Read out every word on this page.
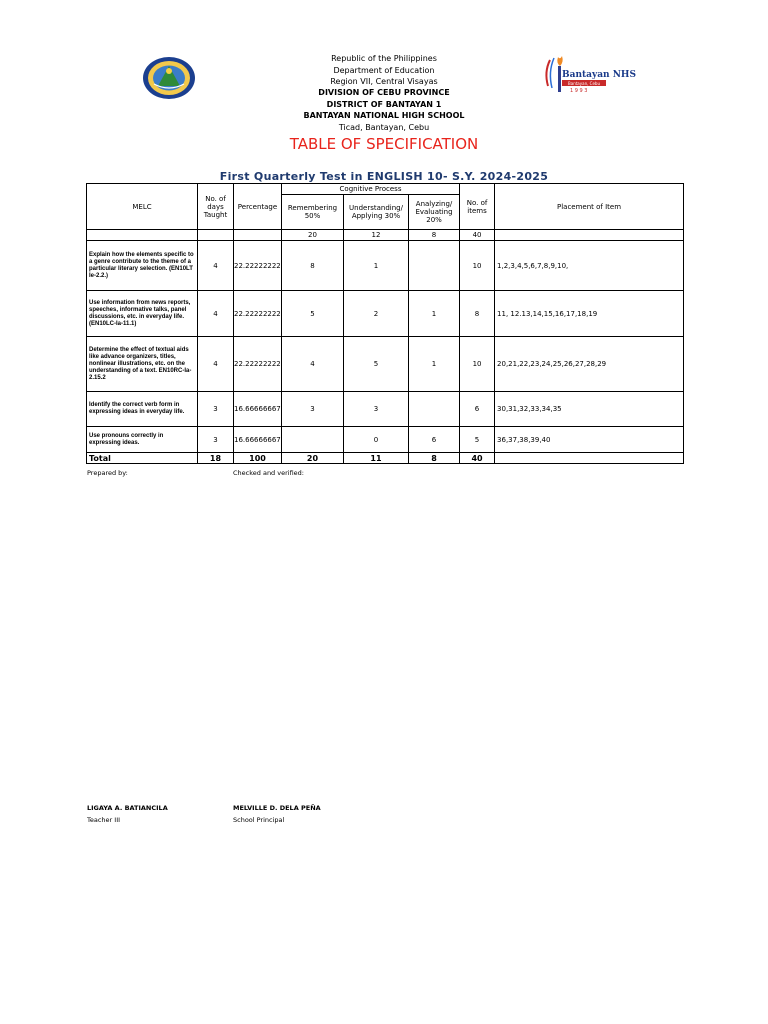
Bantayan NHS
Bantayan, Cebu
1 9 9 3
Republic of the Philippines
Department of Education
Region VII, Central Visayas
DIVISION OF CEBU PROVINCE
DISTRICT OF BANTAYAN 1
BANTAYAN NATIONAL HIGH SCHOOL
Ticad, Bantayan, Cebu
TABLE OF SPECIFICATION
First Quarterly Test in ENGLISH 10- S.Y. 2024-2025
MELC	No. of days Taught	Percentage	Cognitive Process			No. of items	Placement of Item
			Remembering 50%	Understanding/ Applying 30%	Analyzing/ Evaluating 20%		
			20	12	8	40	
Explain how the elements specific to a genre contribute to the theme of a particular literary selection. (EN10LT Ie-2.2.)	4	22.22222222	8	1		10	1,2,3,4,5,6,7,8,9,10,
Use information from news reports, speeches, informative talks, panel discussions, etc. in everyday life. (EN10LC-Ia-11.1)	4	22.22222222	5	2	1	8	11, 12.13,14,15,16,17,18,19
Determine the effect of textual aids like advance organizers, titles, nonlinear illustrations, etc. on the understanding of a text. EN10RC-Ia-2.15.2	4	22.22222222	4	5	1	10	20,21,22,23,24,25,26,27,28,29
Identify the correct verb form in expressing ideas in everyday life.	3	16.66666667	3	3		6	30,31,32,33,34,35
Use pronouns correctly in expressing ideas.	3	16.66666667		0	6	5	36,37,38,39,40
Total	18	100	20	11	8	40	
Prepared by:	Checked and verified:
LIGAYA A. BATIANCILA
Teacher III
MELVILLE D. DELA PEÑA
School Principal
